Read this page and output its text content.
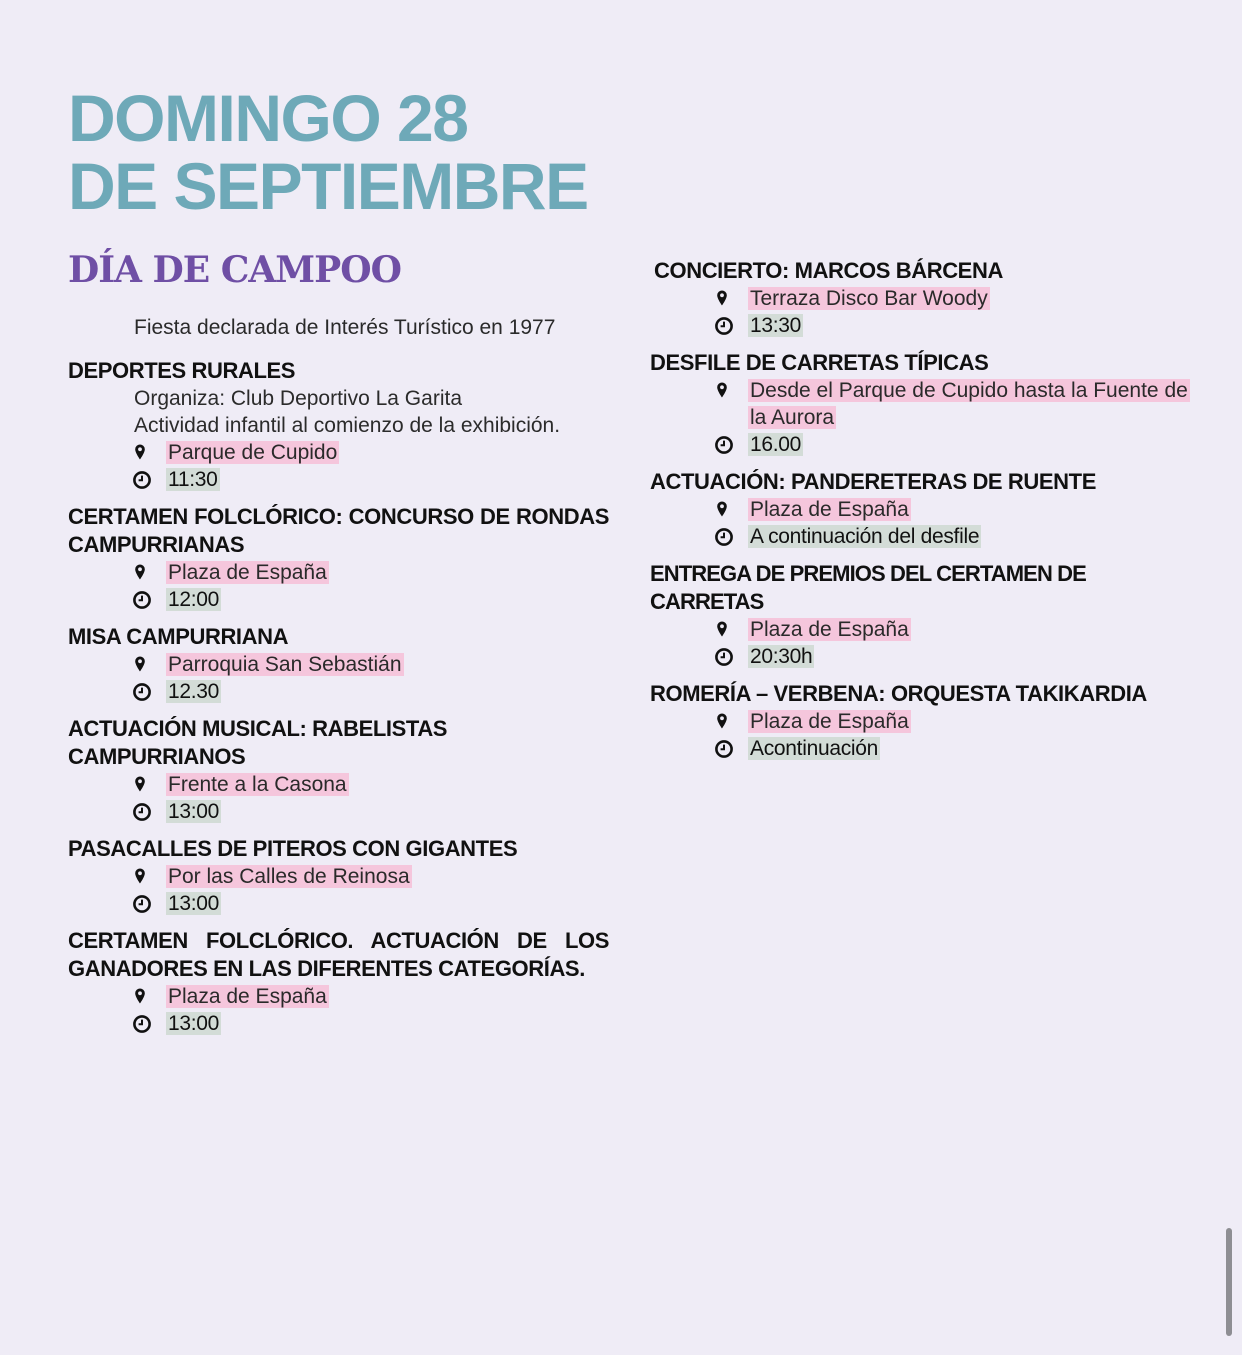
DOMINGO 28
DE SEPTIEMBRE
DÍA DE CAMPOO
Fiesta declarada de Interés Turístico en 1977
DEPORTES RURALES
Organiza: Club Deportivo La Garita
Actividad infantil al comienzo de la exhibición.
Parque de Cupido
11:30
CERTAMEN FOLCLÓRICO: CONCURSO DE RONDAS CAMPURRIANAS
Plaza de España
12:00
MISA CAMPURRIANA
Parroquia San Sebastián
12.30
ACTUACIÓN MUSICAL: RABELISTAS CAMPURRIANOS
Frente a la Casona
13:00
PASACALLES DE PITEROS CON GIGANTES
Por las Calles de Reinosa
13:00
CERTAMEN FOLCLÓRICO. ACTUACIÓN DE LOS GANADORES EN LAS DIFERENTES CATEGORÍAS.
Plaza de España
13:00
CONCIERTO: MARCOS BÁRCENA
Terraza Disco Bar Woody
13:30
DESFILE DE CARRETAS TÍPICAS
Desde el Parque de Cupido hasta la Fuente de la Aurora
16.00
ACTUACIÓN: PANDERETERAS DE RUENTE
Plaza de España
A continuación del desfile
ENTREGA DE PREMIOS DEL CERTAMEN DE CARRETAS
Plaza de España
20:30h
ROMERÍA – VERBENA: ORQUESTA TAKIKARDIA
Plaza de España
Acontinuación
